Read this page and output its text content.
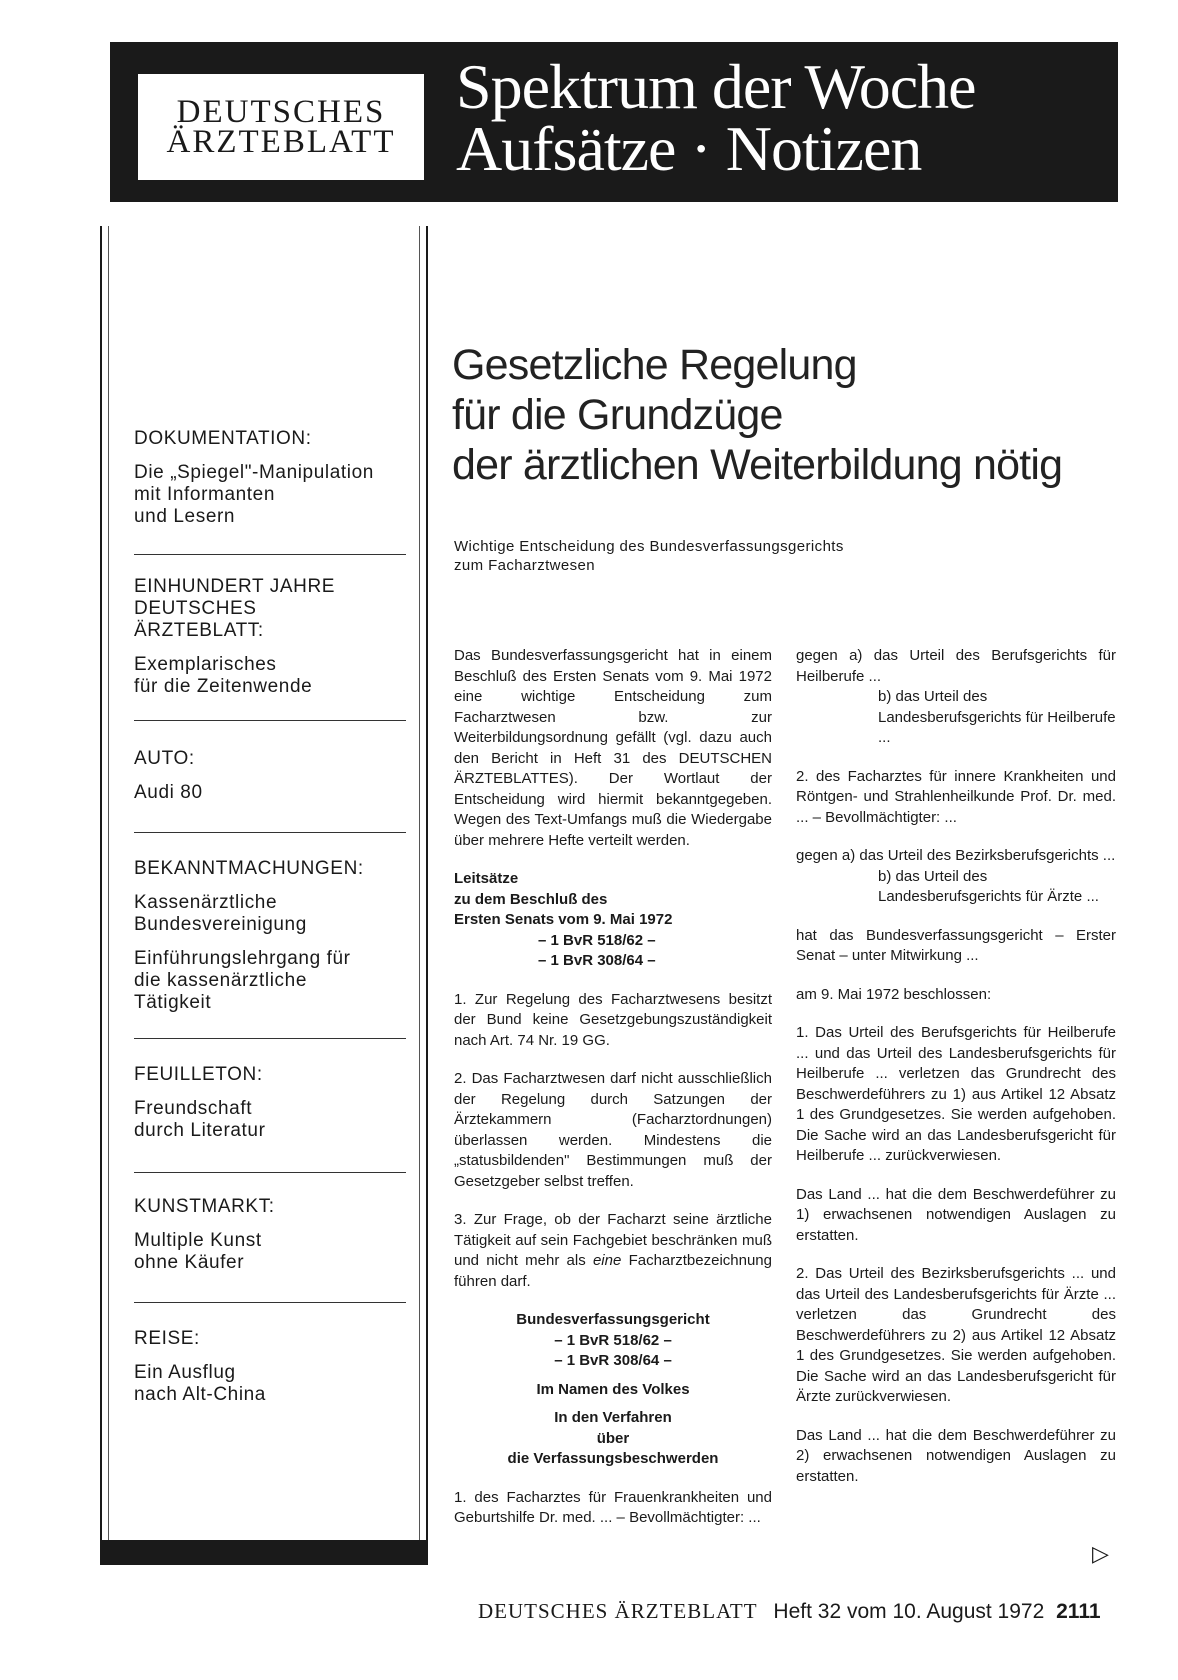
DEUTSCHES
ÄRZTEBLATT
Spektrum der Woche
Aufsätze · Notizen
DOKUMENTATION:
Die „Spiegel"-Manipulation
mit Informanten
und Lesern
EINHUNDERT JAHRE
DEUTSCHES
ÄRZTEBLATT:
Exemplarisches
für die Zeitenwende
AUTO:
Audi 80
BEKANNTMACHUNGEN:
Kassenärztliche
Bundesvereinigung
Einführungslehrgang für
die kassenärztliche
Tätigkeit
FEUILLETON:
Freundschaft
durch Literatur
KUNSTMARKT:
Multiple Kunst
ohne Käufer
REISE:
Ein Ausflug
nach Alt-China
Gesetzliche Regelung
für die Grundzüge
der ärztlichen Weiterbildung nötig
Wichtige Entscheidung des Bundesverfassungsgerichts
zum Facharztwesen

Das Bundesverfassungsgericht hat in einem Beschluß des Ersten Senats vom 9. Mai 1972 eine wichtige Entscheidung zum Facharztwesen bzw. zur Weiterbildungsordnung gefällt (vgl. dazu auch den Bericht in Heft 31 des DEUTSCHEN ÄRZTEBLATTES). Der Wortlaut der Entscheidung wird hiermit bekanntgegeben. Wegen des Text-Umfangs muß die Wiedergabe über mehrere Hefte verteilt werden.

Leitsätze
zu dem Beschluß des
Ersten Senats vom 9. Mai 1972
– 1 BvR 518/62 –
– 1 BvR 308/64 –

1. Zur Regelung des Facharztwesens besitzt der Bund keine Gesetzgebungszuständigkeit nach Art. 74 Nr. 19 GG.

2. Das Facharztwesen darf nicht ausschließlich der Regelung durch Satzungen der Ärztekammern (Facharztordnungen) überlassen werden. Mindestens die „statusbildenden" Bestimmungen muß der Gesetzgeber selbst treffen.

3. Zur Frage, ob der Facharzt seine ärztliche Tätigkeit auf sein Fachgebiet beschränken muß und nicht mehr als eine Facharztbezeichnung führen darf.

Bundesverfassungsgericht
– 1 BvR 518/62 –
– 1 BvR 308/64 –
Im Namen des Volkes
In den Verfahren
über
die Verfassungsbeschwerden

1. des Facharztes für Frauenkrankheiten und Geburtshilfe Dr. med. ... – Bevollmächtigter: ...

gegen a) das Urteil des Berufsgerichts für Heilberufe ...

b) das Urteil des Landesberufsgerichts für Heilberufe ...

2. des Facharztes für innere Krankheiten und Röntgen- und Strahlenheilkunde Prof. Dr. med. ... – Bevollmächtigter: ...

gegen a) das Urteil des Bezirksberufsgerichts ...

b) das Urteil des Landesberufsgerichts für Ärzte ...

hat das Bundesverfassungsgericht – Erster Senat – unter Mitwirkung ...

am 9. Mai 1972 beschlossen:

1. Das Urteil des Berufsgerichts für Heilberufe ... und das Urteil des Landesberufsgerichts für Heilberufe ... verletzen das Grundrecht des Beschwerdeführers zu 1) aus Artikel 12 Absatz 1 des Grundgesetzes. Sie werden aufgehoben. Die Sache wird an das Landesberufsgericht für Heilberufe ... zurückverwiesen.

Das Land ... hat die dem Beschwerdeführer zu 1) erwachsenen notwendigen Auslagen zu erstatten.

2. Das Urteil des Bezirksberufsgerichts ... und das Urteil des Landesberufsgerichts für Ärzte ... verletzen das Grundrecht des Beschwerdeführers zu 2) aus Artikel 12 Absatz 1 des Grundgesetzes. Sie werden aufgehoben. Die Sache wird an das Landesberufsgericht für Ärzte zurückverwiesen.

Das Land ... hat die dem Beschwerdeführer zu 2) erwachsenen notwendigen Auslagen zu erstatten.

▷
DEUTSCHES ÄRZTEBLATT Heft 32 vom 10. August 1972 2111
